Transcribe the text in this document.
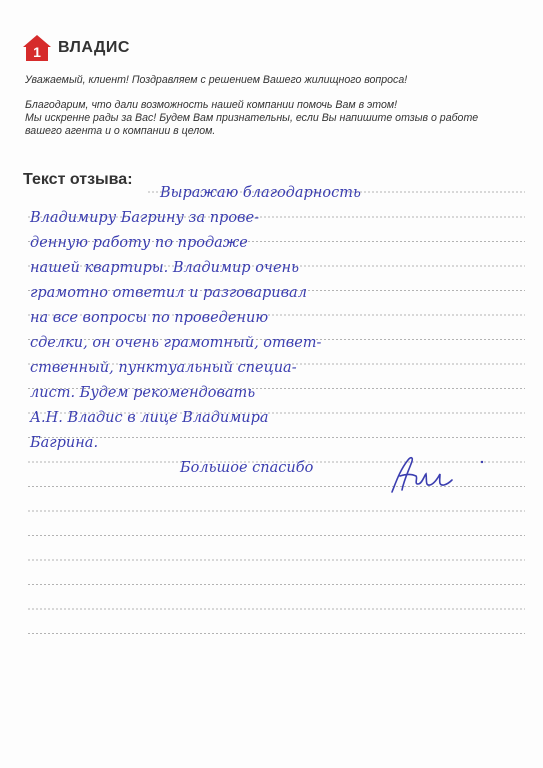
1 ВЛАДИС

Уважаемый, клиент! Поздравляем с решением Вашего жилищного вопроса!

Благодарим, что дали возможность нашей компании помочь Вам в этом!

Мы искренне рады за Вас! Будем Вам признательны, если Вы напишите отзыв о работе

вашего агента и о компании в целом.

Текст отзыва:
Выражаю благодарность
Владимиру Багрину за прове-
денную работу по продаже
нашей квартиры. Владимир очень
грамотно ответил и разговаривал
на все вопросы по проведению
сделки, он очень грамотный, ответ-
ственный, пунктуальный специа-
лист. Будем рекомендовать
А.Н. Владис в лице Владимира
Багрина.
Большое спасибо
